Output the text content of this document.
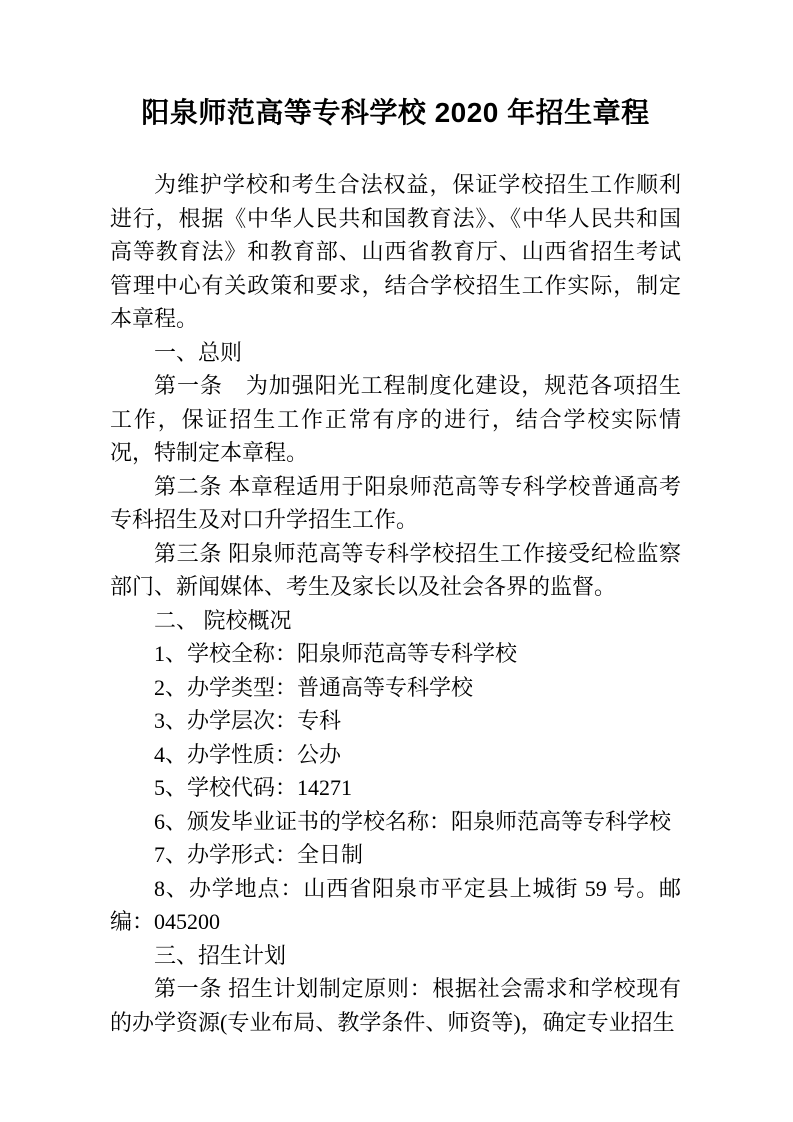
阳泉师范高等专科学校 2020 年招生章程

为维护学校和考生合法权益，保证学校招生工作顺利进行，根据《中华人民共和国教育法》、《中华人民共和国高等教育法》和教育部、山西省教育厅、山西省招生考试管理中心有关政策和要求，结合学校招生工作实际，制定本章程。

一、总则

第一条　为加强阳光工程制度化建设，规范各项招生工作，保证招生工作正常有序的进行，结合学校实际情况，特制定本章程。

第二条 本章程适用于阳泉师范高等专科学校普通高考专科招生及对口升学招生工作。

第三条 阳泉师范高等专科学校招生工作接受纪检监察部门、新闻媒体、考生及家长以及社会各界的监督。

二、 院校概况

1、学校全称：阳泉师范高等专科学校

2、办学类型：普通高等专科学校

3、办学层次：专科

4、办学性质：公办

5、学校代码：14271

6、颁发毕业证书的学校名称：阳泉师范高等专科学校

7、办学形式：全日制

8、办学地点：山西省阳泉市平定县上城街 59 号。邮编：045200

三、招生计划

第一条 招生计划制定原则：根据社会需求和学校现有的办学资源(专业布局、教学条件、师资等)，确定专业招生
